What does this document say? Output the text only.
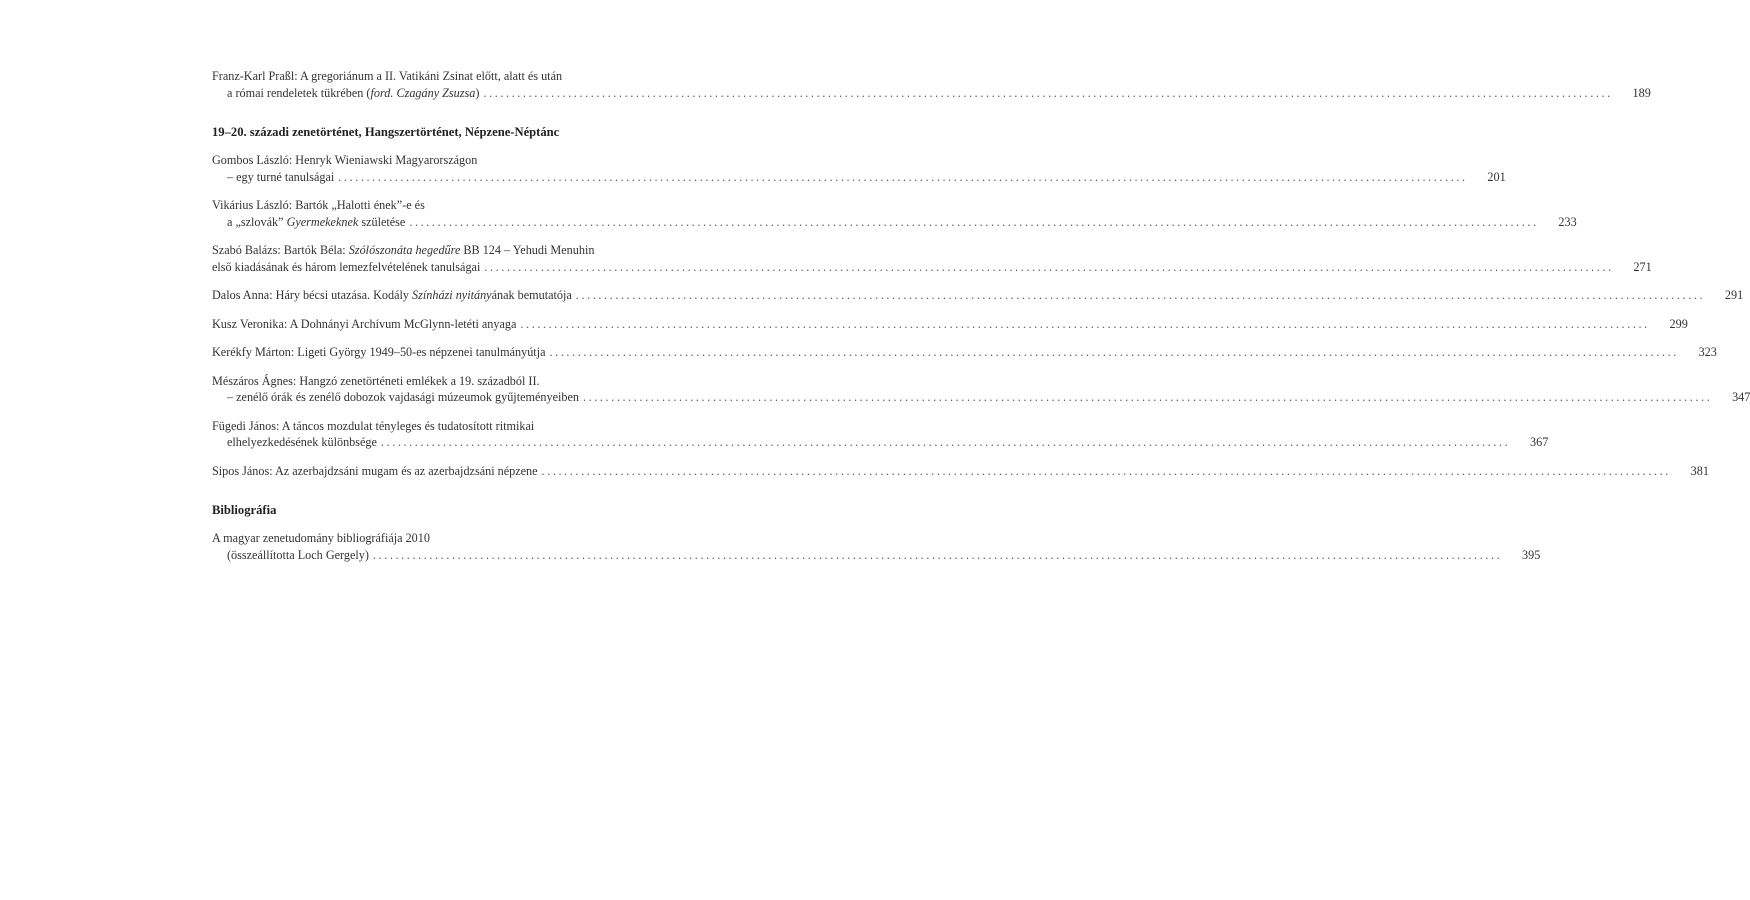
Franz-Karl Praßl: A gregoriánum a II. Vatikáni Zsinat előtt, alatt és után
a római rendeletek tükrében (ford. Czagány Zsuzsa) ........................................................................................................................................................................................................	189
19–20. századi zenetörténet, Hangszertörténet, Népzene-Néptánc
Gombos László: Henryk Wieniawski Magyarországon
– egy turné tanulságai ........................................................................................................................................................................................................	201
Vikárius László: Bartók „Halotti ének”-e és
a „szlovák” Gyermekeknek születése ........................................................................................................................................................................................................	233
Szabó Balázs: Bartók Béla: Szólószonáta hegedűre BB 124 – Yehudi Menuhin
első kiadásának és három lemezfelvételének tanulságai ........................................................................................................................................................................................................	271
Dalos Anna: Háry bécsi utazása. Kodály Színházi nyitányának bemutatója ........................................................................................................................................................................................................	291
Kusz Veronika: A Dohnányi Archívum McGlynn-letéti anyaga ........................................................................................................................................................................................................	299
Kerékfy Márton: Ligeti György 1949–50-es népzenei tanulmányútja ........................................................................................................................................................................................................	323
Mészáros Ágnes: Hangzó zenetörténeti emlékek a 19. századból II.
– zenélő órák és zenélő dobozok vajdasági múzeumok gyűjteményeiben ........................................................................................................................................................................................................	347
Fügedi János: A táncos mozdulat tényleges és tudatosított ritmikai
elhelyezkedésének különbsége ........................................................................................................................................................................................................	367
Sipos János: Az azerbajdzsáni mugam és az azerbajdzsáni népzene ........................................................................................................................................................................................................	381
Bibliográfia
A magyar zenetudomány bibliográfiája 2010
(összeállította Loch Gergely) ........................................................................................................................................................................................................	395
